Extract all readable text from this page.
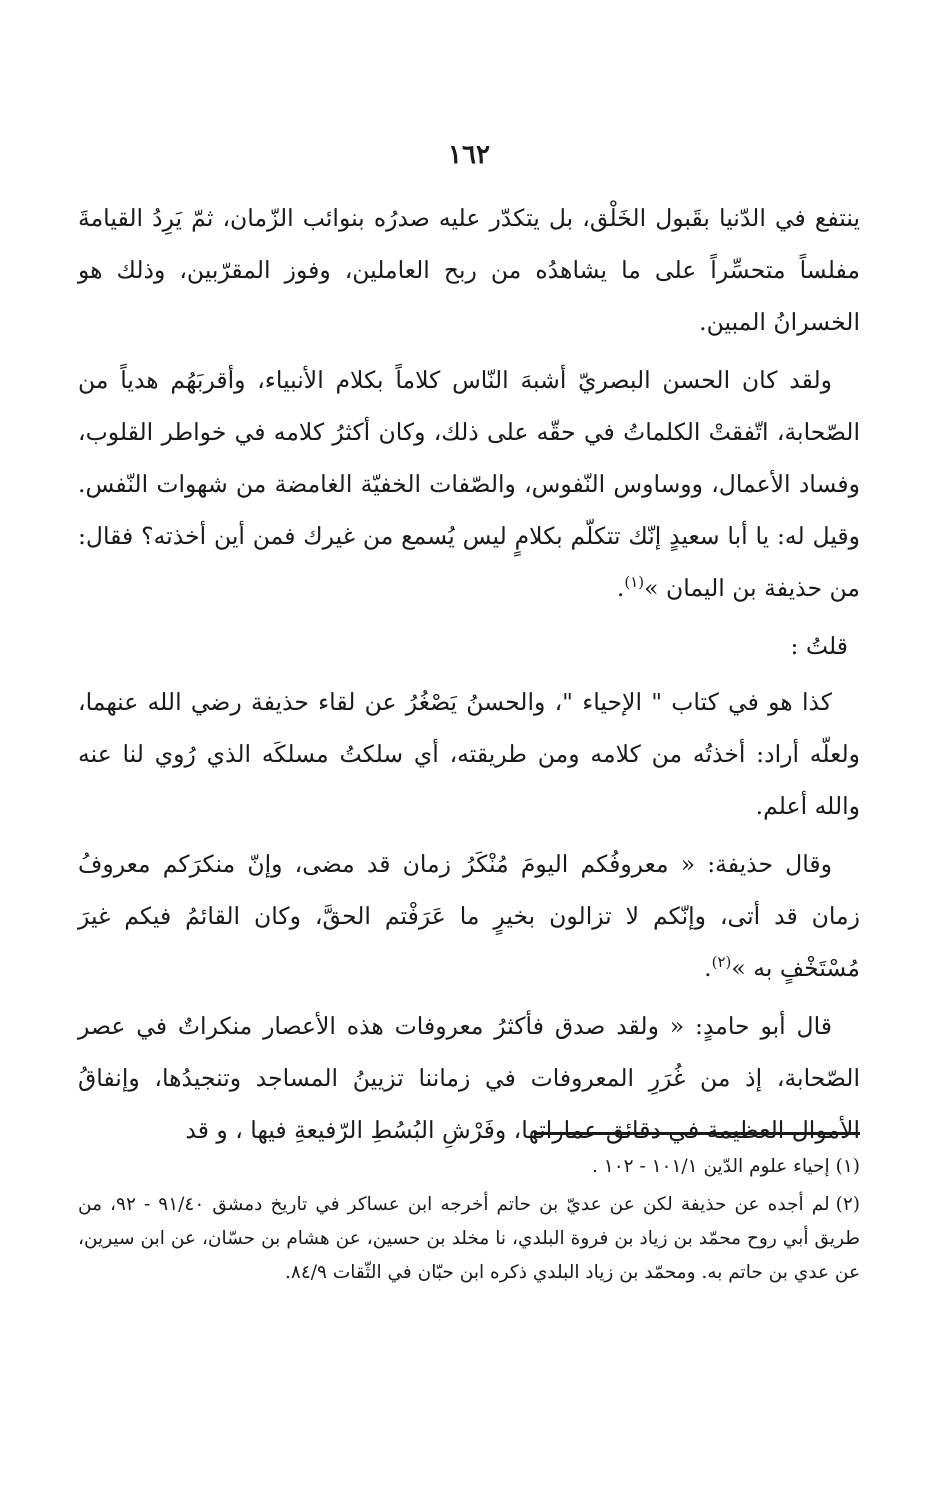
١٦٢

ينتفع في الدّنيا بقَبول الخَلْق، بل يتكدّر عليه صدرُه بنوائب الزّمان، ثمّ يَرِدُ القيامةَ مفلساً متحسِّراً على ما يشاهدُه من ربح العاملين، وفوز المقرّبين، وذلك هو الخسرانُ المبين.

ولقد كان الحسن البصريّ أشبهَ النّاس كلاماً بكلام الأنبياء، وأقربَهُم هدياً من الصّحابة، اتّفقتْ الكلماتُ في حقّه على ذلك، وكان أكثرُ كلامه في خواطر القلوب، وفساد الأعمال، ووساوس النّفوس، والصّفات الخفيّة الغامضة من شهوات النّفس. وقيل له: يا أبا سعيدٍ إنّك تتكلّم بكلامٍ ليس يُسمع من غيرك فمن أين أخذته؟ فقال: من حذيفة بن اليمان »$^{(١)}$.

قلتُ :

كذا هو في كتاب " الإحياء "، والحسنُ يَصْغُرُ عن لقاء حذيفة رضي الله عنهما، ولعلّه أراد: أخذتُه من كلامه ومن طريقته، أي سلكتُ مسلكَه الذي رُوي لنا عنه والله أعلم.

وقال حذيفة: « معروفُكم اليومَ مُنْكَرُ زمان قد مضى، وإنّ منكرَكم معروفُ زمان قد أتى، وإنّكم لا تزالون بخيرٍ ما عَرَفْتم الحقَّ، وكان القائمُ فيكم غيرَ مُسْتَخْفٍ به »$^{(٢)}$.

قال أبو حامدٍ: « ولقد صدق فأكثرُ معروفات هذه الأعصار منكراتٌ في عصر الصّحابة، إذ من غُرَرِ المعروفات في زماننا تزيينُ المساجد وتنجيدُها، وإنفاقُ الأموال العظيمة في دقائق عماراتها، وفَرْشِ البُسُطِ الرّفيعةِ فيها ، و قد

(١)إحياء علوم الدّين ١٠١/١ - ١٠٢ .

(٢)لم أجده عن حذيفة لكن عن عديّ بن حاتم أخرجه ابن عساكر في تاريخ دمشق ٩١/٤٠ - ٩٢، من طريق أبي روح محمّد بن زياد بن فروة البلدي، نا مخلد بن حسين، عن هشام بن حسّان، عن ابن سيرين، عن عدي بن حاتم به. ومحمّد بن زياد البلدي ذكره ابن حبّان في الثّقات ٨٤/٩.
